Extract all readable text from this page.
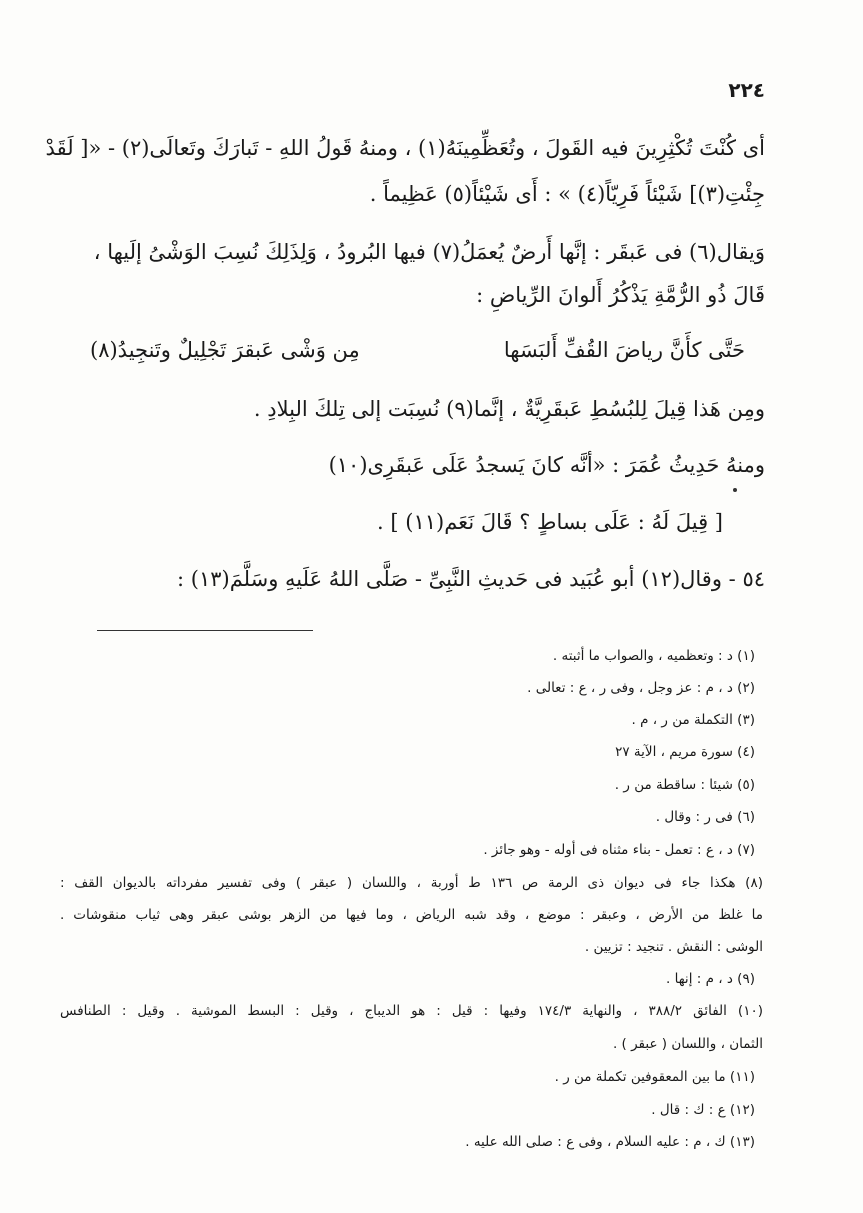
٢٢٤
أى كُنْتَ تُكْثِرِينَ فيه القَولَ ، وتُعَظِّمِينَهُ(١) ، ومنهُ قَولُ اللهِ - تَبارَكَ وتَعالَى(٢) - «[ لَقَدْ
جِئْتِ(٣)] شَيْئاً فَرِيّاً(٤) » : أَى شَيْئاً(٥) عَظِيماً .
وَيقال(٦) فى عَبقَر : إنَّها أَرضٌ يُعمَلُ(٧) فيها البُرودُ ، وَلِذَلِكَ نُسِبَ الوَشْىُ إلَيها ،
قَالَ ذُو الرُّمَّةِ يَذْكُرُ أَلوانَ الرِّياضِ :
حَتَّى كأَنَّ رياضَ القُفِّ أَلبَسَها
مِن وَشْى عَبقرَ تَجْلِيلٌ وتَنجِيدُ(٨)
ومِن هَذا قِيلَ لِلبُسُطِ عَبقَرِيَّةٌ ، إنَّما(٩) نُسِبَت إلى تِلكَ البِلادِ .
ومنهُ حَدِيثُ عُمَرَ : «أنَّه كانَ يَسجدُ عَلَى عَبقَرِى(١٠)
[ قِيلَ لَهُ : عَلَى بساطٍ ؟ قَالَ نَعَم(١١) ] .
٥٤ - وقال(١٢) أبو عُبَيد فى حَديثِ النَّبِىِّ - صَلَّى اللهُ عَلَيهِ وسَلَّمَ(١٣) :
(١) د : وتعظميه ، والصواب ما أثبته .
(٢) د ، م : عز وجل ، وفى ر ، ع : تعالى .
(٣) التكملة من ر ، م .
(٤) سورة مريم ، الآية ٢٧
(٥) شيئا : ساقطة من ر .
(٦) فى ر : وقال .
(٧) د ، ع : تعمل - بناء مثناه فى أوله - وهو جائز .
(٨) هكذا جاء فى ديوان ذى الرمة ص ١٣٦ ط أوربة ، واللسان ( عبقر ) وفى تفسير مفرداته بالديوان القف :
ما غلظ من الأرض ، وعبقر : موضع ، وقد شبه الرياض ، وما فيها من الزهر بوشى عبقر وهى ثياب منقوشات .
الوشى : النقش . تنجيد : تزيين .
(٩) د ، م : إنها .
(١٠) الفائق ٣٨٨/٢ ، والنهاية ١٧٤/٣ وفيها : قيل : هو الديباج ، وقيل : البسط الموشية . وقيل : الطنافس
الثمان ، واللسان ( عبقر ) .
(١١) ما بين المعقوفين تكملة من ر .
(١٢) ع : ك : قال .
(١٣) ك ، م : عليه السلام ، وفى ع : صلى الله عليه .
